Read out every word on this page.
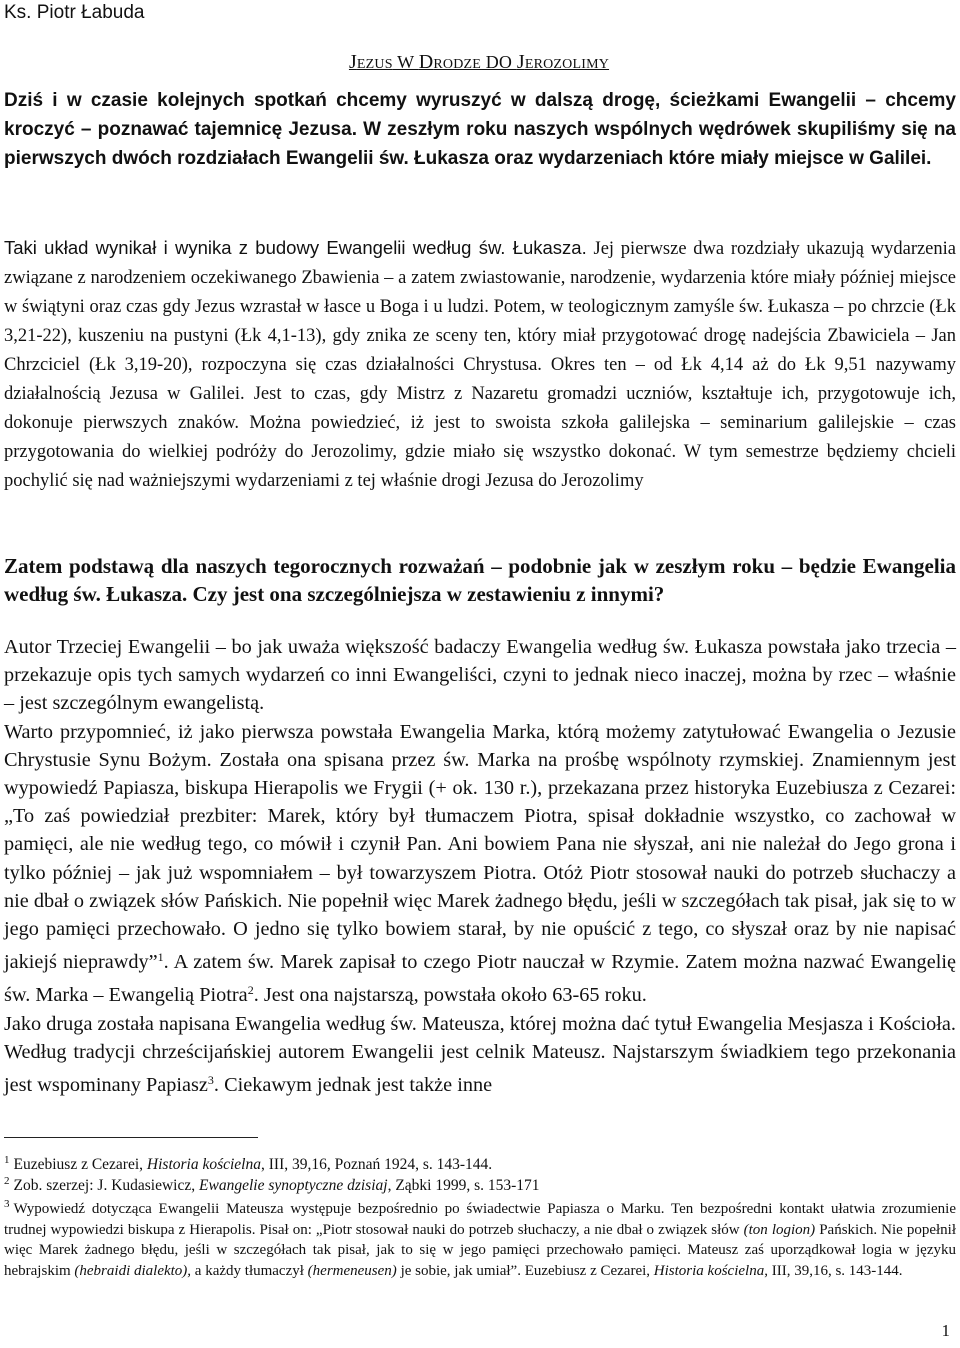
Ks. Piotr Łabuda
JEZUS W DRODZE DO JEROZOLIMY

Dziś i w czasie kolejnych spotkań chcemy wyruszyć w dalszą drogę, ścieżkami Ewangelii – chcemy kroczyć – poznawać tajemnicę Jezusa. W zeszłym roku naszych wspólnych wędrówek skupiliśmy się na pierwszych dwóch rozdziałach Ewangelii św. Łukasza oraz wydarzeniach które miały miejsce w Galilei.

Taki układ wynikał i wynika z budowy Ewangelii według św. Łukasza. Jej pierwsze dwa rozdziały ukazują wydarzenia związane z narodzeniem oczekiwanego Zbawienia – a zatem zwiastowanie, narodzenie, wydarzenia które miały później miejsce w świątyni oraz czas gdy Jezus wzrastał w łasce u Boga i u ludzi. Potem, w teologicznym zamyśle św. Łukasza – po chrzcie (Łk 3,21-22), kuszeniu na pustyni (Łk 4,1-13), gdy znika ze sceny ten, który miał przygotować drogę nadejścia Zbawiciela – Jan Chrzciciel (Łk 3,19-20), rozpoczyna się czas działalności Chrystusa. Okres ten – od Łk 4,14 aż do Łk 9,51 nazywamy działalnością Jezusa w Galilei. Jest to czas, gdy Mistrz z Nazaretu gromadzi uczniów, kształtuje ich, przygotowuje ich, dokonuje pierwszych znaków. Można powiedzieć, iż jest to swoista szkoła galilejska – seminarium galilejskie – czas przygotowania do wielkiej podróży do Jerozolimy, gdzie miało się wszystko dokonać. W tym semestrze będziemy chcieli pochylić się nad ważniejszymi wydarzeniami z tej właśnie drogi Jezusa do Jerozolimy

Zatem podstawą dla naszych tegorocznych rozważań – podobnie jak w zeszłym roku – będzie Ewangelia według św. Łukasza. Czy jest ona szczególniejsza w zestawieniu z innymi?

Autor Trzeciej Ewangelii – bo jak uważa większość badaczy Ewangelia według św. Łukasza powstała jako trzecia – przekazuje opis tych samych wydarzeń co inni Ewangeliści, czyni to jednak nieco inaczej, można by rzec – właśnie – jest szczególnym ewangelistą.
Warto przypomnieć, iż jako pierwsza powstała Ewangelia Marka, którą możemy zatytułować Ewangelia o Jezusie Chrystusie Synu Bożym. Została ona spisana przez św. Marka na prośbę wspólnoty rzymskiej. Znamiennym jest wypowiedź Papiasza, biskupa Hierapolis we Frygii (+ ok. 130 r.), przekazana przez historyka Euzebiusza z Cezarei: „To zaś powiedział prezbiter: Marek, który był tłumaczem Piotra, spisał dokładnie wszystko, co zachował w pamięci, ale nie według tego, co mówił i czynił Pan. Ani bowiem Pana nie słyszał, ani nie należał do Jego grona i tylko później – jak już wspomniałem – był towarzyszem Piotra. Otóż Piotr stosował nauki do potrzeb słuchaczy a nie dbał o związek słów Pańskich. Nie popełnił więc Marek żadnego błędu, jeśli w szczegółach tak pisał, jak się to w jego pamięci przechowało. O jedno się tylko bowiem starał, by nie opuścić z tego, co słyszał oraz by nie napisać jakiejś nieprawdy”$^1$. A zatem św. Marek zapisał to czego Piotr nauczał w Rzymie. Zatem można nazwać Ewangelię św. Marka – Ewangelią Piotra$^2$. Jest ona najstarszą, powstała około 63-65 roku.
Jako druga została napisana Ewangelia według św. Mateusza, której można dać tytuł Ewangelia Mesjasza i Kościoła. Według tradycji chrześcijańskiej autorem Ewangelii jest celnik Mateusz. Najstarszym świadkiem tego przekonania jest wspominany Papiasz$^3$. Ciekawym jednak jest także inne

$^1$ Euzebiusz z Cezarei, Historia kościelna, III, 39,16, Poznań 1924, s. 143-144.

$^2$ Zob. szerzej: J. Kudasiewicz, Ewangelie synoptyczne dzisiaj, Ząbki 1999, s. 153-171

$^3$ Wypowiedź dotycząca Ewangelii Mateusza występuje bezpośrednio po świadectwie Papiasza o Marku. Ten bezpośredni kontakt ułatwia zrozumienie trudnej wypowiedzi biskupa z Hierapolis. Pisał on: „Piotr stosował nauki do potrzeb słuchaczy, a nie dbał o związek słów (ton logion) Pańskich. Nie popełnił więc Marek żadnego błędu, jeśli w szczegółach tak pisał, jak to się w jego pamięci przechowało pamięci. Mateusz zaś uporządkował logia w języku hebrajskim (hebraidi dialekto), a każdy tłumaczył (hermeneusen) je sobie, jak umiał”. Euzebiusz z Cezarei, Historia kościelna, III, 39,16, s. 143-144.

1
